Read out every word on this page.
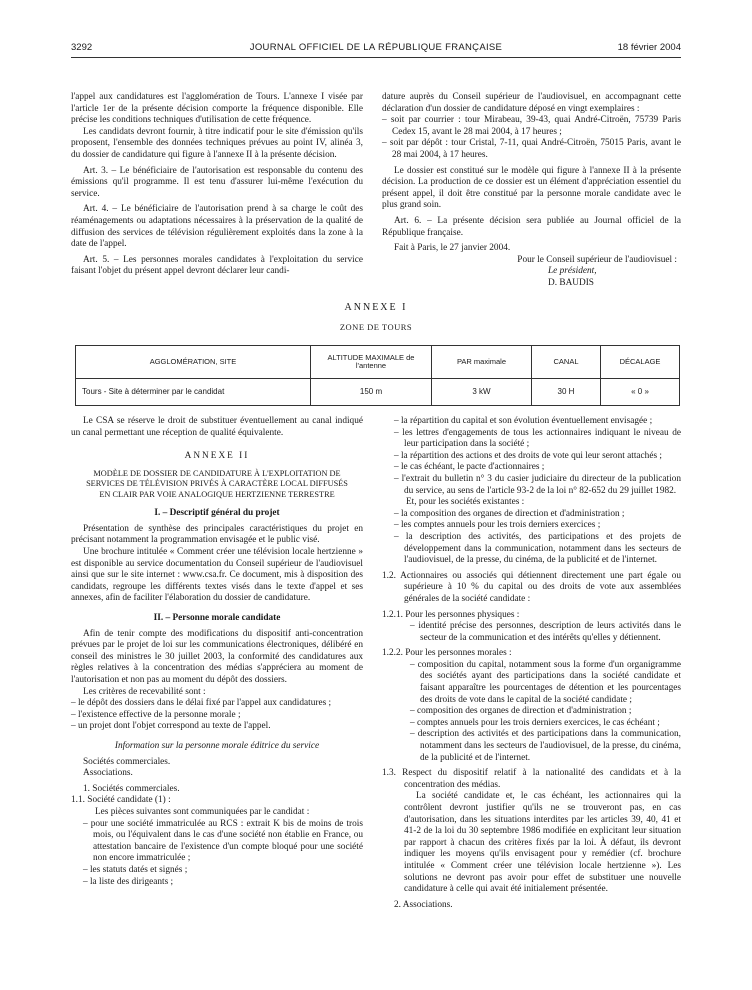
3292	JOURNAL OFFICIEL DE LA RÉPUBLIQUE FRANÇAISE	18 février 2004

l'appel aux candidatures est l'agglomération de Tours. L'annexe I visée par l'article 1er de la présente décision comporte la fréquence disponible. Elle précise les conditions techniques d'utilisation de cette fréquence.

Les candidats devront fournir, à titre indicatif pour le site d'émission qu'ils proposent, l'ensemble des données techniques prévues au point IV, alinéa 3, du dossier de candidature qui figure à l'annexe II à la présente décision.

Art. 3. – Le bénéficiaire de l'autorisation est responsable du contenu des émissions qu'il programme. Il est tenu d'assurer lui-même l'exécution du service.

Art. 4. – Le bénéficiaire de l'autorisation prend à sa charge le coût des réaménagements ou adaptations nécessaires à la préservation de la qualité de diffusion des services de télévision régulièrement exploités dans la zone à la date de l'appel.

Art. 5. – Les personnes morales candidates à l'exploitation du service faisant l'objet du présent appel devront déclarer leur candi-

dature auprès du Conseil supérieur de l'audiovisuel, en accompagnant cette déclaration d'un dossier de candidature déposé en vingt exemplaires :

– soit par courrier : tour Mirabeau, 39-43, quai André-Citroën, 75739 Paris Cedex 15, avant le 28 mai 2004, à 17 heures ;

– soit par dépôt : tour Cristal, 7-11, quai André-Citroën, 75015 Paris, avant le 28 mai 2004, à 17 heures.

Le dossier est constitué sur le modèle qui figure à l'annexe II à la présente décision. La production de ce dossier est un élément d'appréciation essentiel du présent appel, il doit être constitué par la personne morale candidate avec le plus grand soin.

Art. 6. – La présente décision sera publiée au Journal officiel de la République française.

Fait à Paris, le 27 janvier 2004.

Pour le Conseil supérieur de l'audiovisuel :

Le président,

D. BAUDIS

ANNEXE I
ZONE DE TOURS
AGGLOMÉRATION, SITE	ALTITUDE MAXIMALE de l'antenne	PAR maximale	CANAL	DÉCALAGE
Tours - Site à déterminer par le candidat	150 m	3 kW	30 H	« 0 »

Le CSA se réserve le droit de substituer éventuellement au canal indiqué un canal permettant une réception de qualité équivalente.

ANNEXE II

MODÈLE DE DOSSIER DE CANDIDATURE À L'EXPLOITATION DE SERVICES DE TÉLÉVISION PRIVÉS À CARACTÈRE LOCAL DIFFUSÉS EN CLAIR PAR VOIE ANALOGIQUE HERTZIENNE TERRESTRE

I. – Descriptif général du projet

Présentation de synthèse des principales caractéristiques du projet en précisant notamment la programmation envisagée et le public visé.

Une brochure intitulée « Comment créer une télévision locale hertzienne » est disponible au service documentation du Conseil supérieur de l'audiovisuel ainsi que sur le site internet : www.csa.fr. Ce document, mis à disposition des candidats, regroupe les différents textes visés dans le texte d'appel et ses annexes, afin de faciliter l'élaboration du dossier de candidature.

II. – Personne morale candidate

Afin de tenir compte des modifications du dispositif anti-concentration prévues par le projet de loi sur les communications électroniques, délibéré en conseil des ministres le 30 juillet 2003, la conformité des candidatures aux règles relatives à la concentration des médias s'appréciera au moment de l'autorisation et non pas au moment du dépôt des dossiers.

Les critères de recevabilité sont :

– le dépôt des dossiers dans le délai fixé par l'appel aux candidatures ;

– l'existence effective de la personne morale ;

– un projet dont l'objet correspond au texte de l'appel.

Information sur la personne morale éditrice du service

Sociétés commerciales.

Associations.

1. Sociétés commerciales.

1.1. Société candidate (1) :

Les pièces suivantes sont communiquées par le candidat :

– pour une société immatriculée au RCS : extrait K bis de moins de trois mois, ou l'équivalent dans le cas d'une société non établie en France, ou attestation bancaire de l'existence d'un compte bloqué pour une société non encore immatriculée ;

– les statuts datés et signés ;

– la liste des dirigeants ;

– la répartition du capital et son évolution éventuellement envisagée ;

– les lettres d'engagements de tous les actionnaires indiquant le niveau de leur participation dans la société ;

– la répartition des actions et des droits de vote qui leur seront attachés ;

– le cas échéant, le pacte d'actionnaires ;

– l'extrait du bulletin n° 3 du casier judiciaire du directeur de la publication du service, au sens de l'article 93-2 de la loi n° 82-652 du 29 juillet 1982.

Et, pour les sociétés existantes :

– la composition des organes de direction et d'administration ;

– les comptes annuels pour les trois derniers exercices ;

– la description des activités, des participations et des projets de développement dans la communication, notamment dans les secteurs de l'audiovisuel, de la presse, du cinéma, de la publicité et de l'internet.

1.2. Actionnaires ou associés qui détiennent directement une part égale ou supérieure à 10 % du capital ou des droits de vote aux assemblées générales de la société candidate :

1.2.1. Pour les personnes physiques :

– identité précise des personnes, description de leurs activités dans le secteur de la communication et des intérêts qu'elles y détiennent.

1.2.2. Pour les personnes morales :

– composition du capital, notamment sous la forme d'un organigramme des sociétés ayant des participations dans la société candidate et faisant apparaître les pourcentages de détention et les pourcentages des droits de vote dans le capital de la société candidate ;

– composition des organes de direction et d'administration ;

– comptes annuels pour les trois derniers exercices, le cas échéant ;

– description des activités et des participations dans la communication, notamment dans les secteurs de l'audiovisuel, de la presse, du cinéma, de la publicité et de l'internet.

1.3. Respect du dispositif relatif à la nationalité des candidats et à la concentration des médias.

La société candidate et, le cas échéant, les actionnaires qui la contrôlent devront justifier qu'ils ne se trouveront pas, en cas d'autorisation, dans les situations interdites par les articles 39, 40, 41 et 41-2 de la loi du 30 septembre 1986 modifiée en explicitant leur situation par rapport à chacun des critères fixés par la loi. À défaut, ils devront indiquer les moyens qu'ils envisagent pour y remédier (cf. brochure intitulée « Comment créer une télévision locale hertzienne »). Les solutions ne devront pas avoir pour effet de substituer une nouvelle candidature à celle qui avait été initialement présentée.

2. Associations.
